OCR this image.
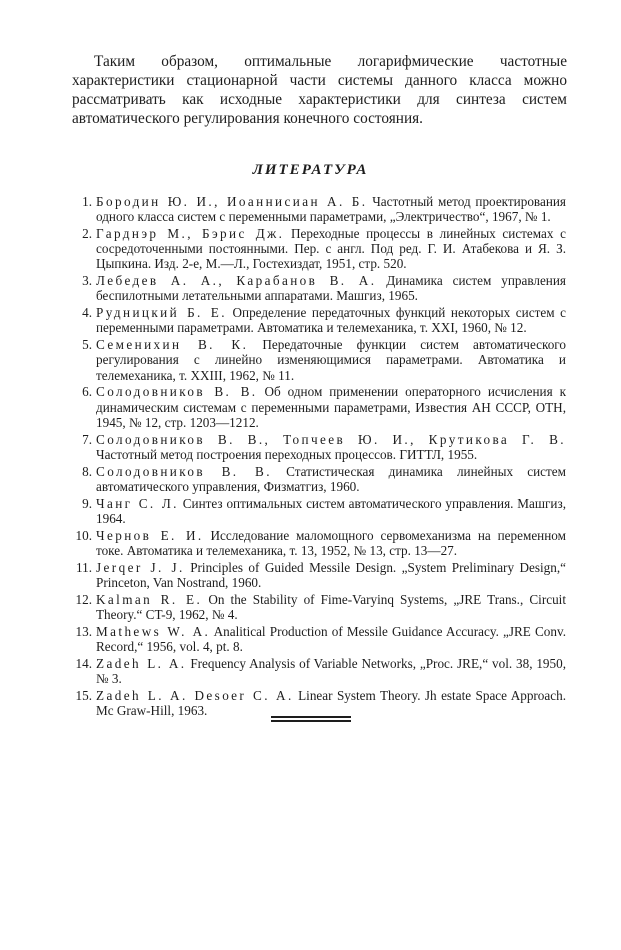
Таким образом, оптимальные логарифмические частотные характеристики стационарной части системы данного класса можно рассматривать как исходные характеристики для синтеза систем автоматического регулирования конечного состояния.

ЛИТЕРАТУРА
1. Бородин Ю. И., Иоаннисиан А. Б. Частотный метод проектирования одного класса систем с переменными параметрами, „Электричество“, 1967, № 1.
2. Гарднэр М., Бэрис Дж. Переходные процессы в линейных системах с сосредоточенными постоянными. Пер. с англ. Под ред. Г. И. Атабекова и Я. З. Цыпкина. Изд. 2-е, М.—Л., Гостехиздат, 1951, стр. 520.
3. Лебедев А. А., Карабанов В. А. Динамика систем управления беспилотными летательными аппаратами. Машгиз, 1965.
4. Рудницкий Б. Е. Определение передаточных функций некоторых систем с переменными параметрами. Автоматика и телемеханика, т. XXI, 1960, № 12.
5. Семенихин В. К. Передаточные функции систем автоматического регулирования с линейно изменяющимися параметрами. Автоматика и телемеханика, т. XXIII, 1962, № 11.
6. Солодовников В. В. Об одном применении операторного исчисления к динамическим системам с переменными параметрами, Известия АН СССР, ОТН, 1945, № 12, стр. 1203—1212.
7. Солодовников В. В., Топчеев Ю. И., Крутикова Г. В. Частотный метод построения переходных процессов. ГИТТЛ, 1955.
8. Солодовников В. В. Статистическая динамика линейных систем автоматического управления, Физматгиз, 1960.
9. Чанг С. Л. Синтез оптимальных систем автоматического управления. Машгиз, 1964.
10. Чернов Е. И. Исследование маломощного сервомеханизма на переменном токе. Автоматика и телемеханика, т. 13, 1952, № 13, стр. 13—27.
11. Jerqer J. J. Principles of Guided Messile Design. „System Preliminary Design,“ Princeton, Van Nostrand, 1960.
12. Kalman R. E. On the Stability of Fime-Varyinq Systems, „JRE Trans., Circuit Theory.“ CT-9, 1962, № 4.
13. Mathews W. A. Analitical Production of Messile Guidance Accuracy. „JRE Conv. Record,“ 1956, vol. 4, pt. 8.
14. Zadeh L. A. Frequency Analysis of Variable Networks, „Proc. JRE,“ vol. 38, 1950, № 3.
15. Zadeh L. A. Desoer C. A. Linear System Theory. Jh estate Space Approach. Mc Graw-Hill, 1963.
